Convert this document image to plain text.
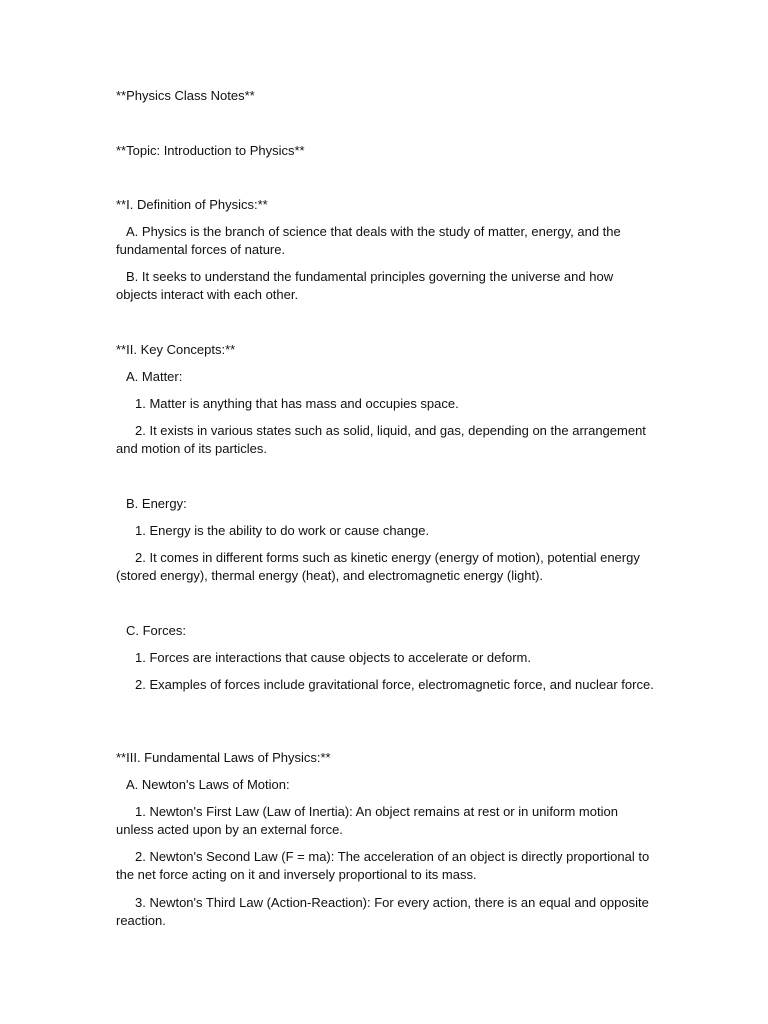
**Physics Class Notes**

**Topic: Introduction to Physics**

**I. Definition of Physics:**

A. Physics is the branch of science that deals with the study of matter, energy, and the fundamental forces of nature.

B. It seeks to understand the fundamental principles governing the universe and how objects interact with each other.

**II. Key Concepts:**

A. Matter:

1. Matter is anything that has mass and occupies space.

2. It exists in various states such as solid, liquid, and gas, depending on the arrangement and motion of its particles.

B. Energy:

1. Energy is the ability to do work or cause change.

2. It comes in different forms such as kinetic energy (energy of motion), potential energy (stored energy), thermal energy (heat), and electromagnetic energy (light).

C. Forces:

1. Forces are interactions that cause objects to accelerate or deform.

2. Examples of forces include gravitational force, electromagnetic force, and nuclear force.

**III. Fundamental Laws of Physics:**

A. Newton's Laws of Motion:

1. Newton's First Law (Law of Inertia): An object remains at rest or in uniform motion unless acted upon by an external force.

2. Newton's Second Law (F = ma): The acceleration of an object is directly proportional to the net force acting on it and inversely proportional to its mass.

3. Newton's Third Law (Action-Reaction): For every action, there is an equal and opposite reaction.
